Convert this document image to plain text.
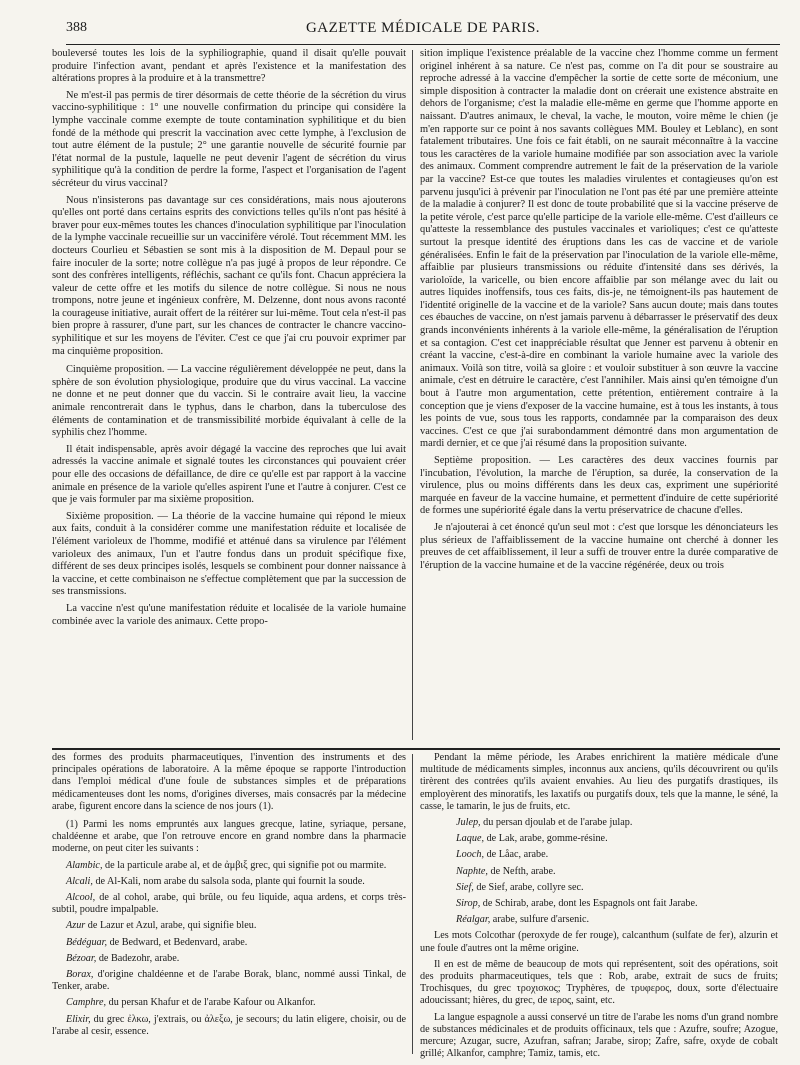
388	GAZETTE MÉDICALE DE PARIS.

bouleversé toutes les lois de la syphiliographie, quand il disait qu'elle pouvait produire l'infection avant, pendant et après l'existence et la manifestation des altérations propres à la produire et à la transmettre?

Ne m'est-il pas permis de tirer désormais de cette théorie de la sécrétion du virus vaccino-syphilitique : 1° une nouvelle confirmation du principe qui considère la lymphe vaccinale comme exempte de toute contamination syphilitique et du bien fondé de la méthode qui prescrit la vaccination avec cette lymphe, à l'exclusion de tout autre élément de la pustule; 2° une garantie nouvelle de sécurité fournie par l'état normal de la pustule, laquelle ne peut devenir l'agent de sécrétion du virus syphilitique qu'à la condition de perdre la forme, l'aspect et l'organisation de l'agent sécréteur du virus vaccinal?

Nous n'insisterons pas davantage sur ces considérations, mais nous ajouterons qu'elles ont porté dans certains esprits des convictions telles qu'ils n'ont pas hésité à braver pour eux-mêmes toutes les chances d'inoculation syphilitique par l'inoculation de la lymphe vaccinale recueillie sur un vaccinifère vérolé. Tout récemment MM. les docteurs Courlieu et Sébastien se sont mis à la disposition de M. Depaul pour se faire inoculer de la sorte; notre collègue n'a pas jugé à propos de leur répondre. Ce sont des confrères intelligents, réfléchis, sachant ce qu'ils font. Chacun appréciera la valeur de cette offre et les motifs du silence de notre collègue. Si nous ne nous trompons, notre jeune et ingénieux confrère, M. Delzenne, dont nous avons raconté la courageuse initiative, aurait offert de la réitérer sur lui-même. Tout cela n'est-il pas bien propre à rassurer, d'une part, sur les chances de contracter le chancre vaccino-syphilitique et sur les moyens de l'éviter. C'est ce que j'ai cru pouvoir exprimer par ma cinquième proposition.

Cinquième proposition. — La vaccine régulièrement développée ne peut, dans la sphère de son évolution physiologique, produire que du virus vaccinal. La vaccine ne donne et ne peut donner que du vaccin. Si le contraire avait lieu, la vaccine animale rencontrerait dans le typhus, dans le charbon, dans la tuberculose des éléments de contamination et de transmissibilité morbide équivalant à celle de la syphilis chez l'homme.

Il était indispensable, après avoir dégagé la vaccine des reproches que lui avait adressés la vaccine animale et signalé toutes les circonstances qui pouvaient créer pour elle des occasions de défaillance, de dire ce qu'elle est par rapport à la vaccine animale en présence de la variole qu'elles aspirent l'une et l'autre à conjurer. C'est ce que je vais formuler par ma sixième proposition.

Sixième proposition. — La théorie de la vaccine humaine qui répond le mieux aux faits, conduit à la considérer comme une manifestation réduite et localisée de l'élément varioleux de l'homme, modifié et atténué dans sa virulence par l'élément varioleux des animaux, l'un et l'autre fondus dans un produit spécifique fixe, différent de ses deux principes isolés, lesquels se combinent pour donner naissance à la vaccine, et cette combinaison ne s'effectue complètement que par la succession de ses transmissions.

La vaccine n'est qu'une manifestation réduite et localisée de la variole humaine combinée avec la variole des animaux. Cette propo-

sition implique l'existence préalable de la vaccine chez l'homme comme un ferment originel inhérent à sa nature. Ce n'est pas, comme on l'a dit pour se soustraire au reproche adressé à la vaccine d'empêcher la sortie de cette sorte de méconium, une simple disposition à contracter la maladie dont on créerait une existence abstraite en dehors de l'organisme; c'est la maladie elle-même en germe que l'homme apporte en naissant. D'autres animaux, le cheval, la vache, le mouton, voire même le chien (je m'en rapporte sur ce point à nos savants collègues MM. Bouley et Leblanc), en sont fatalement tributaires. Une fois ce fait établi, on ne saurait méconnaître à la vaccine tous les caractères de la variole humaine modifiée par son association avec la variole des animaux. Comment comprendre autrement le fait de la préservation de la variole par la vaccine? Est-ce que toutes les maladies virulentes et contagieuses qu'on est parvenu jusqu'ici à prévenir par l'inoculation ne l'ont pas été par une première atteinte de la maladie à conjurer? Il est donc de toute probabilité que si la vaccine préserve de la petite vérole, c'est parce qu'elle participe de la variole elle-même. C'est d'ailleurs ce qu'atteste la ressemblance des pustules vaccinales et varioliques; c'est ce qu'atteste surtout la presque identité des éruptions dans les cas de vaccine et de variole généralisées. Enfin le fait de la préservation par l'inoculation de la variole elle-même, affaiblie par plusieurs transmissions ou réduite d'intensité dans ses dérivés, la varioloïde, la varicelle, ou bien encore affaiblie par son mélange avec du lait ou autres liquides inoffensifs, tous ces faits, dis-je, ne témoignent-ils pas hautement de l'identité originelle de la vaccine et de la variole? Sans aucun doute; mais dans toutes ces ébauches de vaccine, on n'est jamais parvenu à débarrasser le préservatif des deux grands inconvénients inhérents à la variole elle-même, la généralisation de l'éruption et sa contagion. C'est cet inappréciable résultat que Jenner est parvenu à obtenir en créant la vaccine, c'est-à-dire en combinant la variole humaine avec la variole des animaux. Voilà son titre, voilà sa gloire : et vouloir substituer à son œuvre la vaccine animale, c'est en détruire le caractère, c'est l'annihiler. Mais ainsi qu'en témoigne d'un bout à l'autre mon argumentation, cette prétention, entièrement contraire à la conception que je viens d'exposer de la vaccine humaine, est à tous les instants, à tous les points de vue, sous tous les rapports, condamnée par la comparaison des deux vaccines. C'est ce que j'ai surabondamment démontré dans mon argumentation de mardi dernier, et ce que j'ai résumé dans la proposition suivante.

Septième proposition. — Les caractères des deux vaccines fournis par l'incubation, l'évolution, la marche de l'éruption, sa durée, la conservation de la virulence, plus ou moins différents dans les deux cas, expriment une supériorité marquée en faveur de la vaccine humaine, et permettent d'induire de cette supériorité de formes une supériorité égale dans la vertu préservatrice de chacune d'elles.

Je n'ajouterai à cet énoncé qu'un seul mot : c'est que lorsque les dénonciateurs les plus sérieux de l'affaiblissement de la vaccine humaine ont cherché à donner les preuves de cet affaiblissement, il leur a suffi de trouver entre la durée comparative de l'éruption de la vaccine humaine et de la vaccine régénérée, deux ou trois

des formes des produits pharmaceutiques, l'invention des instruments et des principales opérations de laboratoire. A la même époque se rapporte l'introduction dans l'emploi médical d'une foule de substances simples et de préparations médicamenteuses dont les noms, d'origines diverses, mais consacrés par la médecine arabe, figurent encore dans la science de nos jours (1).

(1) Parmi les noms empruntés aux langues grecque, latine, syriaque, persane, chaldéenne et arabe, que l'on retrouve encore en grand nombre dans la pharmacie moderne, on peut citer les suivants :

Alambic, de la particule arabe al, et de ἀμβιξ grec, qui signifie pot ou marmite.

Alcali, de Al-Kali, nom arabe du salsola soda, plante qui fournit la soude.

Alcool, de al cohol, arabe, qui brûle, ou feu liquide, aqua ardens, et corps très-subtil, poudre impalpable.

Azur de Lazur et Azul, arabe, qui signifie bleu.

Bédéguar, de Bedward, et Bedenvard, arabe.

Bézoar, de Badezohr, arabe.

Borax, d'origine chaldéenne et de l'arabe Borak, blanc, nommé aussi Tinkal, de Tenker, arabe.

Camphre, du persan Khafur et de l'arabe Kafour ou Alkanfor.

Elixir, du grec ἐλκω, j'extrais, ou ἀλεξω, je secours; du latin eligere, choisir, ou de l'arabe al cesir, essence.

Pendant la même période, les Arabes enrichirent la matière médicale d'une multitude de médicaments simples, inconnus aux anciens, qu'ils découvrirent ou qu'ils tirèrent des contrées qu'ils avaient envahies. Au lieu des purgatifs drastiques, ils employèrent des minoratifs, les laxatifs ou purgatifs doux, tels que la manne, le séné, la casse, le tamarin, le jus de fruits, etc.

Julep, du persan djoulab et de l'arabe julap.

Laque, de Lak, arabe, gomme-résine.

Looch, de Låac, arabe.

Naphte, de Nefth, arabe.

Sief, de Sief, arabe, collyre sec.

Sirop, de Schirab, arabe, dont les Espagnols ont fait Jarabe.

Réalgar, arabe, sulfure d'arsenic.

Les mots Colcothar (peroxyde de fer rouge), calcanthum (sulfate de fer), alzurin et une foule d'autres ont la même origine.

Il en est de même de beaucoup de mots qui représentent, soit des opérations, soit des produits pharmaceutiques, tels que : Rob, arabe, extrait de sucs de fruits; Trochisques, du grec τροχισκος; Tryphères, de τρυφερος, doux, sorte d'électuaire adoucissant; hières, du grec, de ιερος, saint, etc.

La langue espagnole a aussi conservé un titre de l'arabe les noms d'un grand nombre de substances médicinales et de produits officinaux, tels que : Azufre, soufre; Azogue, mercure; Azugar, sucre, Azufran, safran; Jarabe, sirop; Zafre, safre, oxyde de cobalt grillé; Alkanfor, camphre; Tamiz, tamis, etc.
